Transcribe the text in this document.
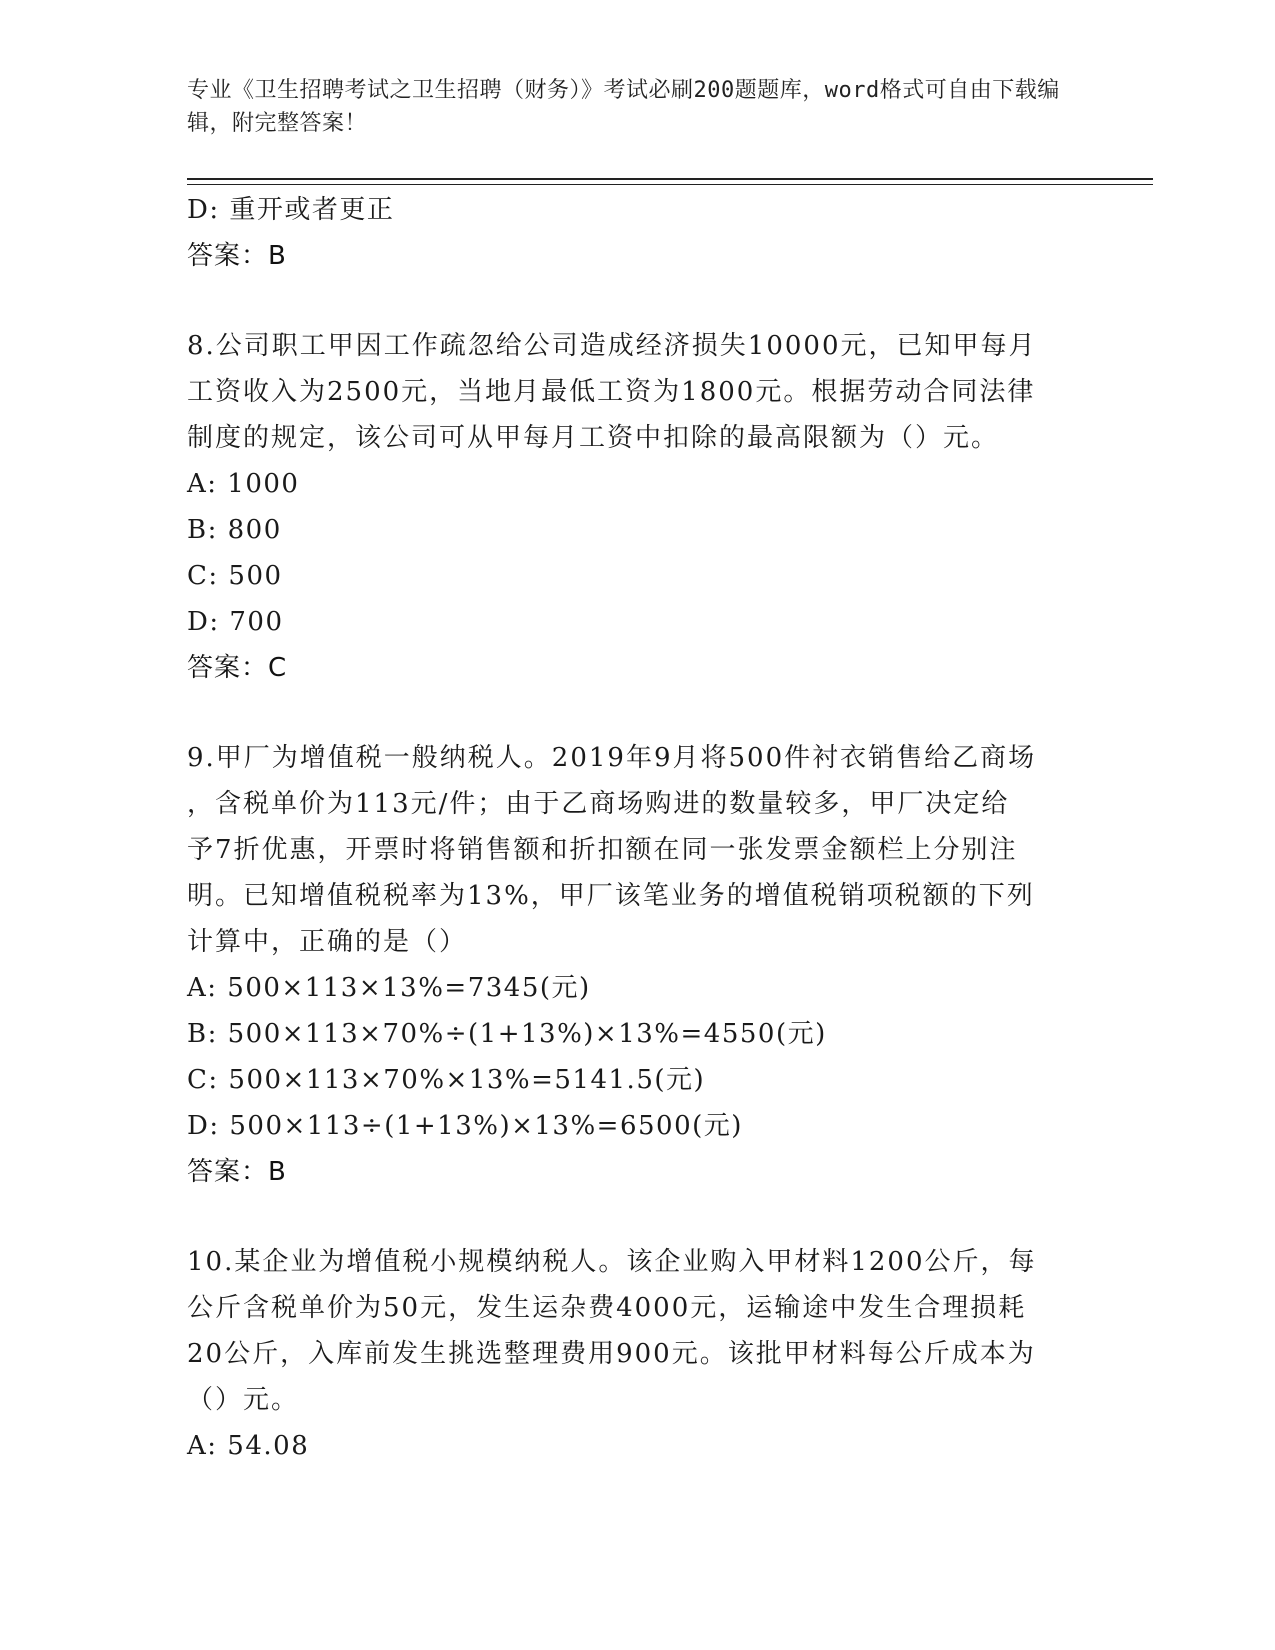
专业《卫生招聘考试之卫生招聘（财务）》考试必刷200题题库，word格式可自由下载编辑，附完整答案！
D: 重开或者更正
答案：B
8.公司职工甲因工作疏忽给公司造成经济损失10000元，已知甲每月
工资收入为2500元，当地月最低工资为1800元。根据劳动合同法律
制度的规定，该公司可从甲每月工资中扣除的最高限额为（）元。
A: 1000
B: 800
C: 500
D: 700
答案：C
9.甲厂为增值税一般纳税人。2019年9月将500件衬衣销售给乙商场
，含税单价为113元/件；由于乙商场购进的数量较多，甲厂决定给
予7折优惠，开票时将销售额和折扣额在同一张发票金额栏上分别注
明。已知增值税税率为13%，甲厂该笔业务的增值税销项税额的下列
计算中，正确的是（）
A: 500×113×13%=7345(元)
B: 500×113×70%÷(1+13%)×13%=4550(元)
C: 500×113×70%×13%=5141.5(元)
D: 500×113÷(1+13%)×13%=6500(元)
答案：B
10.某企业为增值税小规模纳税人。该企业购入甲材料1200公斤，每
公斤含税单价为50元，发生运杂费4000元，运输途中发生合理损耗
20公斤，入库前发生挑选整理费用900元。该批甲材料每公斤成本为
（）元。
A: 54.08
